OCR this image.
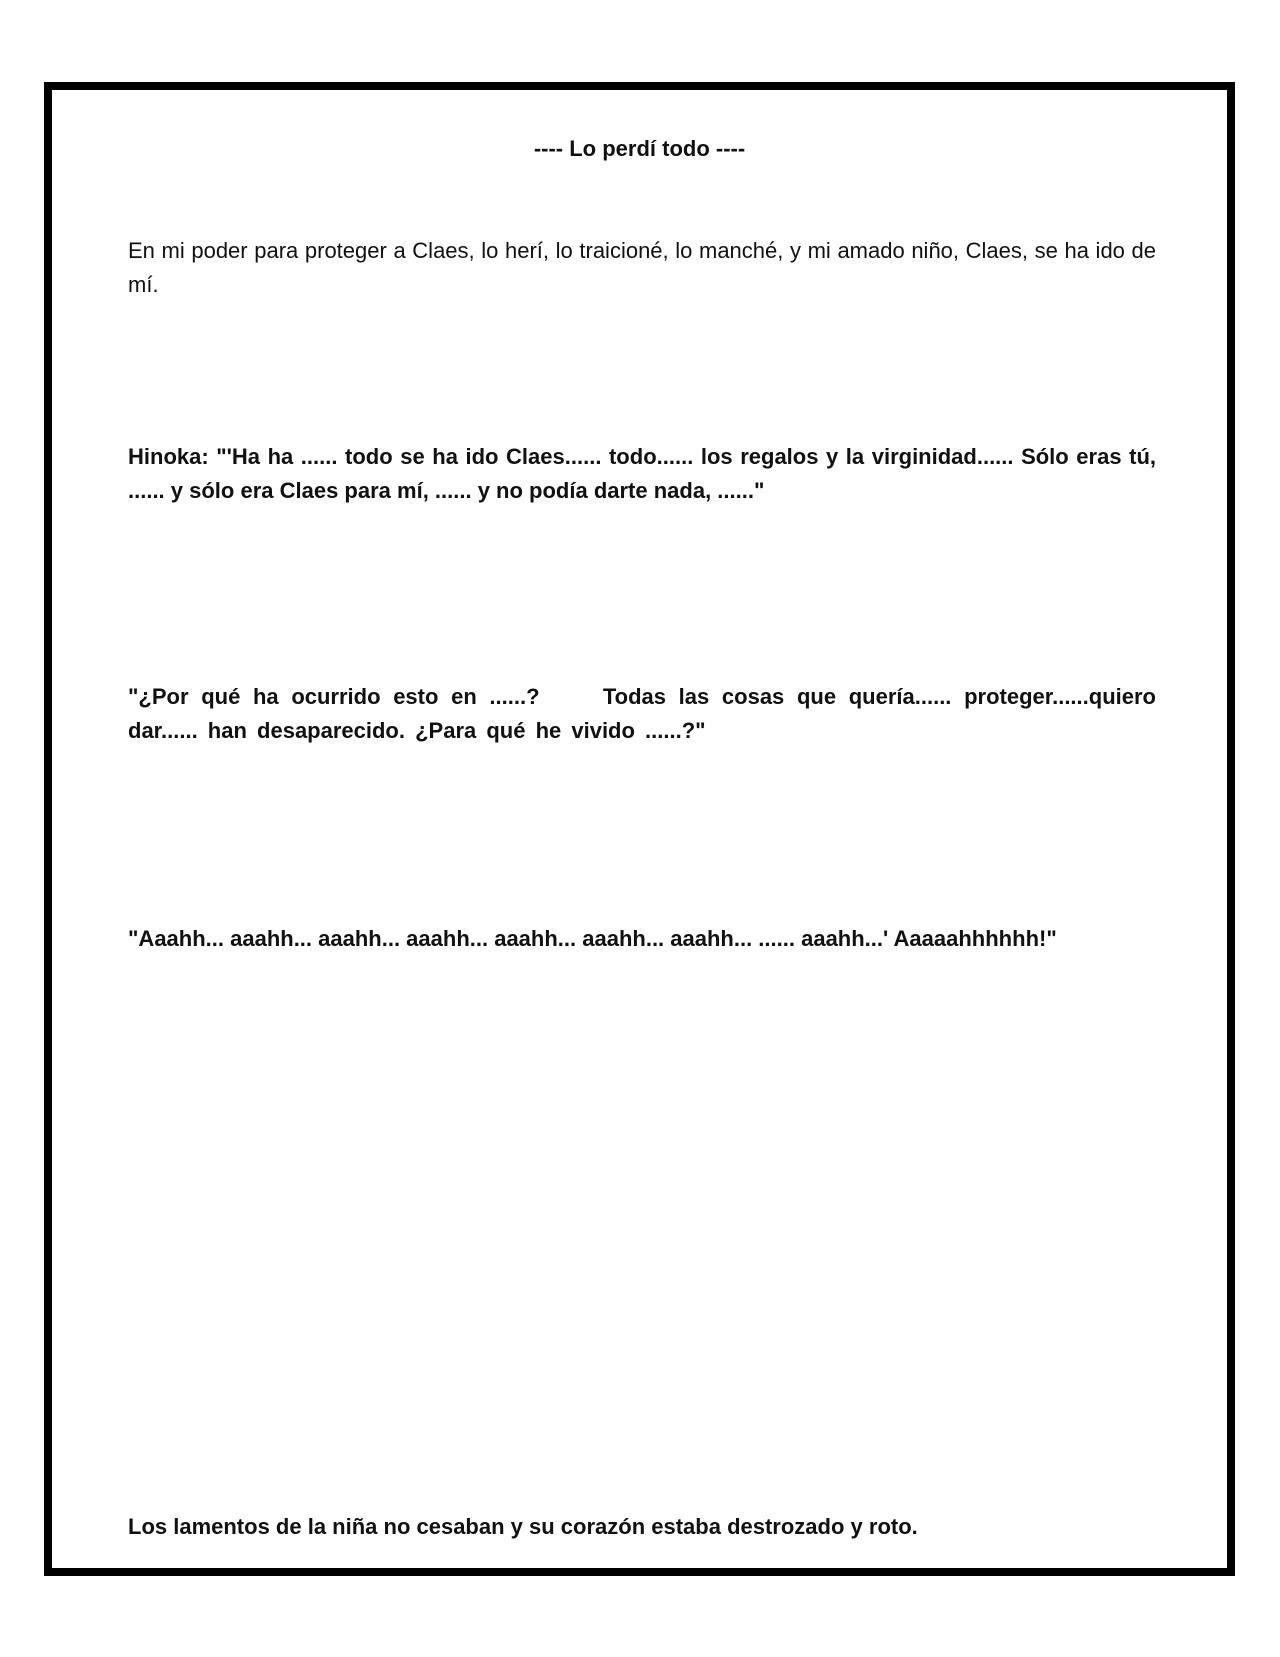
---- Lo perdí todo ----

En mi poder para proteger a Claes, lo herí, lo traicioné, lo manché, y mi amado niño, Claes, se ha ido de mí.

Hinoka: "'Ha ha ...... todo se ha ido Claes...... todo...... los regalos y la virginidad...... Sólo eras tú, ...... y sólo era Claes para mí, ...... y no podía darte nada, ......"

"¿Por qué ha ocurrido esto en ......?     Todas las cosas que quería...... proteger......quiero dar...... han desaparecido. ¿Para qué he vivido ......?"

"Aaahh... aaahh... aaahh... aaahh... aaahh... aaahh... aaahh... ...... aaahh...' Aaaaahhhhhh!"

Los lamentos de la niña no cesaban y su corazón estaba destrozado y roto.
